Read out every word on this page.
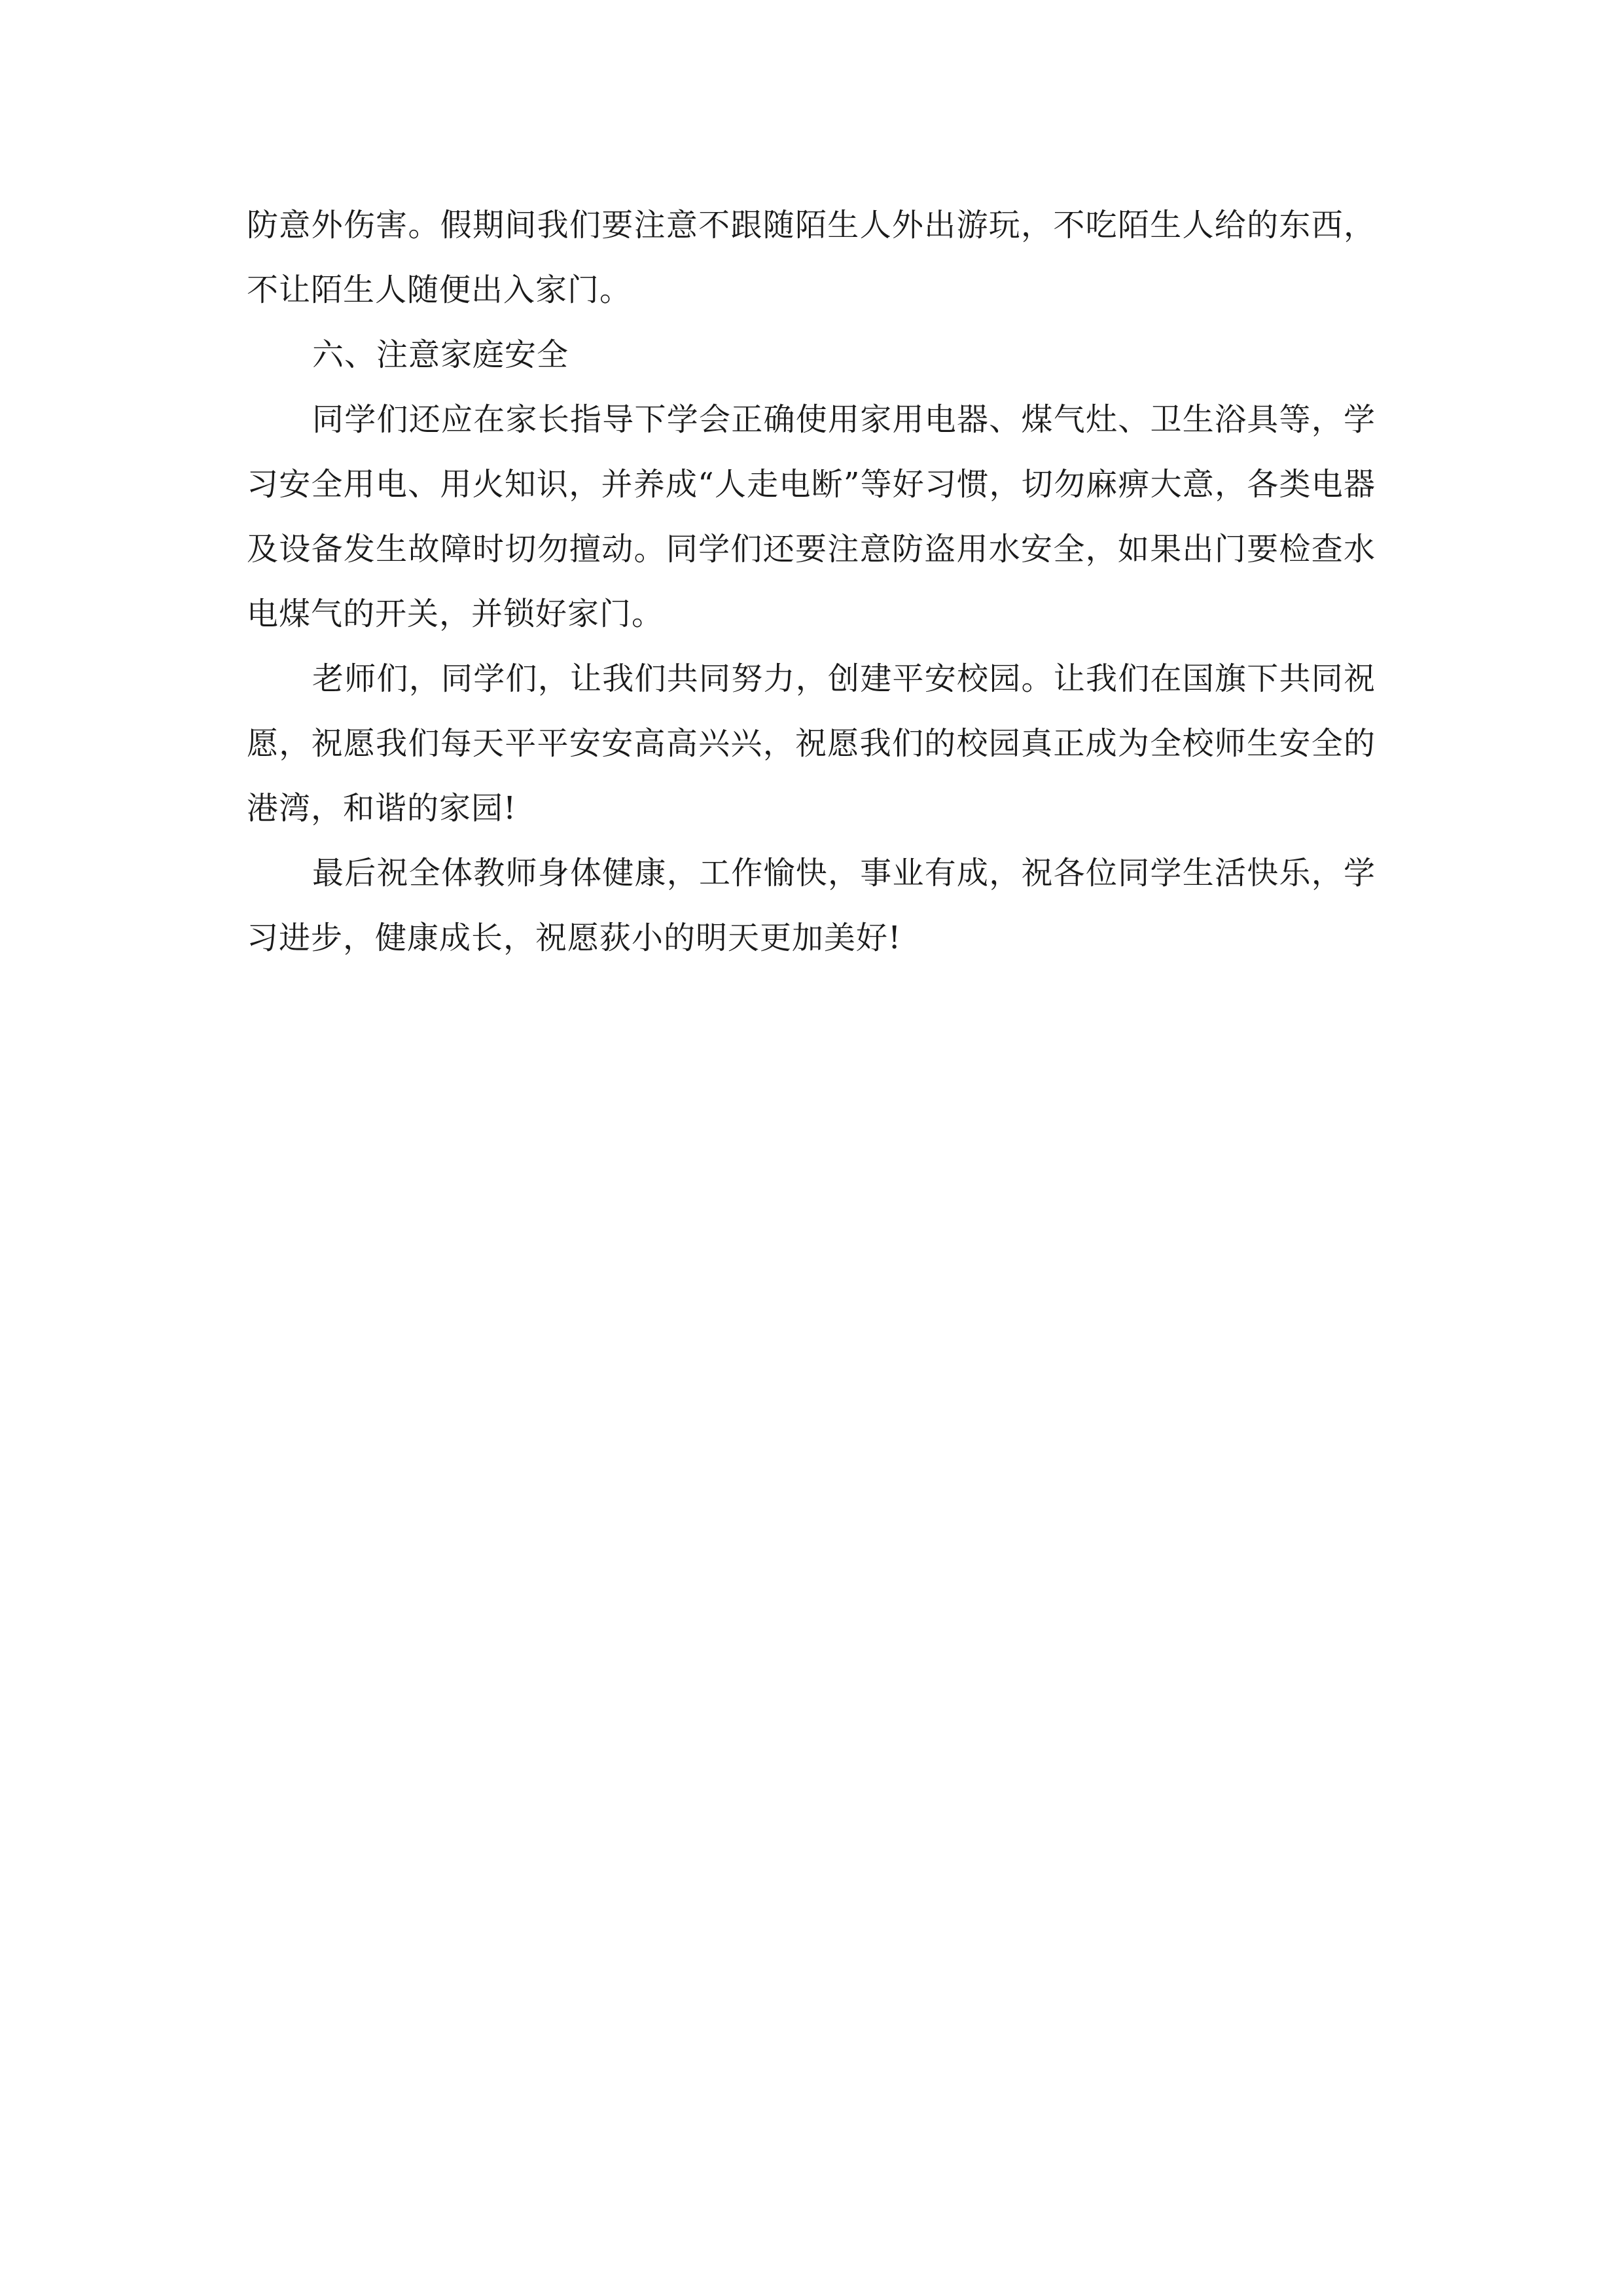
防意外伤害。假期间我们要注意不跟随陌生人外出游玩，不吃陌生人给的东西，不让陌生人随便出入家门。

六、注意家庭安全

同学们还应在家长指导下学会正确使用家用电器、煤气灶、卫生浴具等，学习安全用电、用火知识，并养成“人走电断”等好习惯，切勿麻痹大意，各类电器及设备发生故障时切勿擅动。同学们还要注意防盗用水安全，如果出门要检查水电煤气的开关，并锁好家门。

老师们，同学们，让我们共同努力，创建平安校园。让我们在国旗下共同祝愿，祝愿我们每天平平安安高高兴兴，祝愿我们的校园真正成为全校师生安全的港湾，和谐的家园!

最后祝全体教师身体健康，工作愉快，事业有成，祝各位同学生活快乐，学习进步，健康成长，祝愿荻小的明天更加美好!
